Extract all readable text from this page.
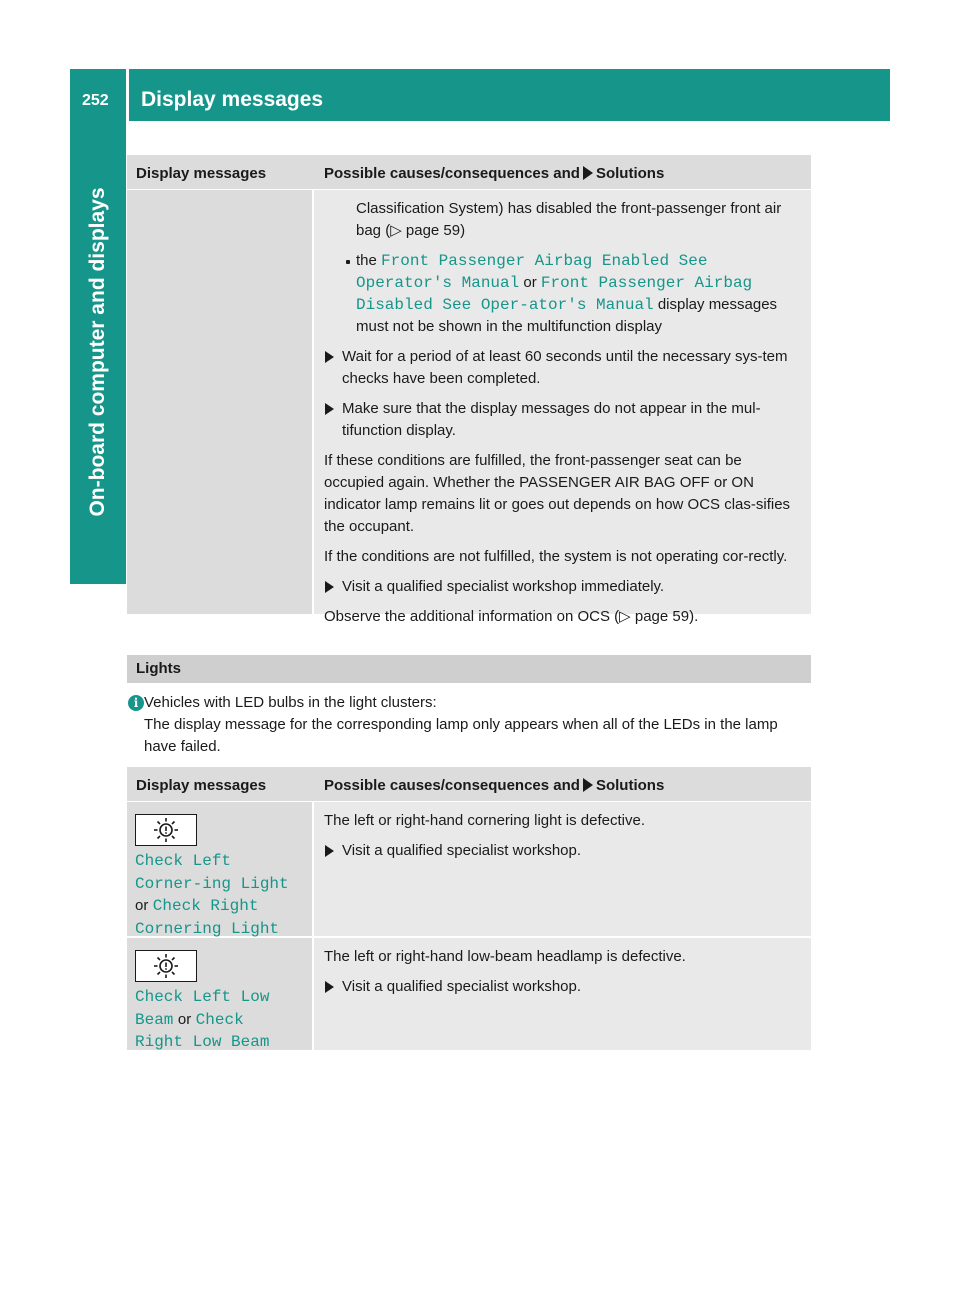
252 Display messages
On-board computer and displays
Display messages	Possible causes/consequences and Solutions
Classification System) has disabled the front-passenger front air bag (▷ page 59)
the Front Passenger Airbag Enabled See Operator's Manual or Front Passenger Airbag Disabled See Oper‐ator's Manual display messages must not be shown in the multifunction display
Wait for a period of at least 60 seconds until the necessary sys-tem checks have been completed.
Make sure that the display messages do not appear in the mul-tifunction display.
If these conditions are fulfilled, the front-passenger seat can be occupied again. Whether the PASSENGER AIR BAG OFF or ON indicator lamp remains lit or goes out depends on how OCS clas-sifies the occupant.
If the conditions are not fulfilled, the system is not operating cor-rectly.
Visit a qualified specialist workshop immediately.
Observe the additional information on OCS (▷ page 59).
Lights
i Vehicles with LED bulbs in the light clusters:
The display message for the corresponding lamp only appears when all of the LEDs in the lamp have failed.
Display messages	Possible causes/consequences and Solutions
Check Left Corner‐ing Light or Check Right Cornering Light
The left or right-hand cornering light is defective.
Visit a qualified specialist workshop.
Check Left Low Beam or Check Right Low Beam
The left or right-hand low-beam headlamp is defective.
Visit a qualified specialist workshop.
